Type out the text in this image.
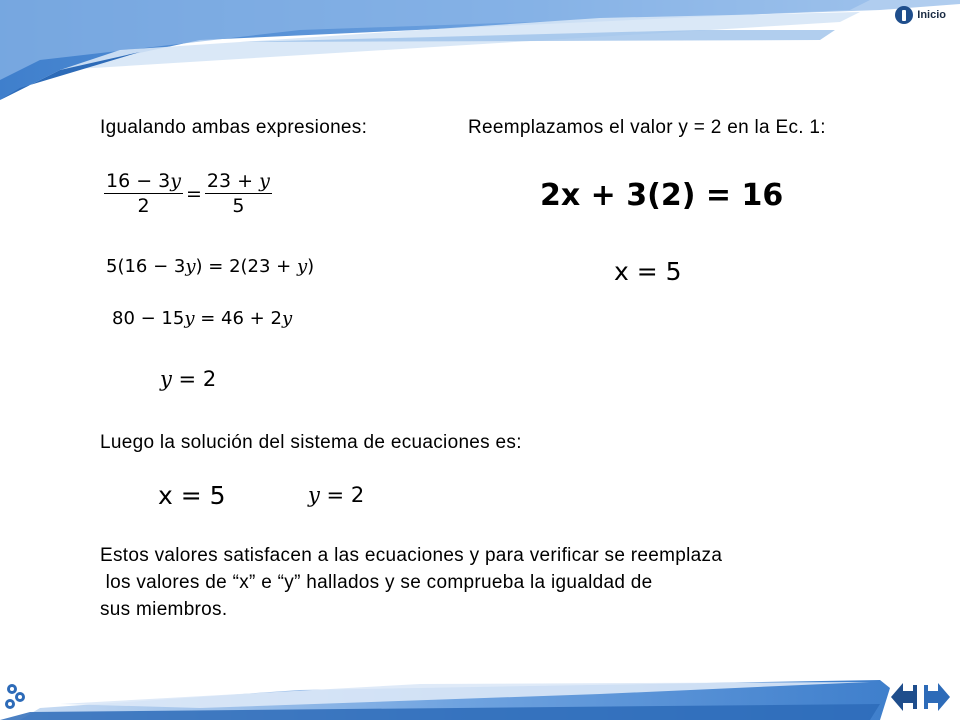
Inicio
Igualando ambas expresiones:
$\frac{16 - 3y}{2} = \frac{23 + y}{5}$
5(16 − 3y) = 2(23 + y)
80 − 15y = 46 + 2y
y = 2
Reemplazamos el valor y = 2 en la Ec. 1:
2x + 3(2) = 16
x = 5
Luego la solución del sistema de ecuaciones es:
x = 5	y = 2
Estos valores satisfacen a las ecuaciones y para verificar se reemplaza
los valores de “x” e “y” hallados y se comprueba la igualdad de
sus miembros.
